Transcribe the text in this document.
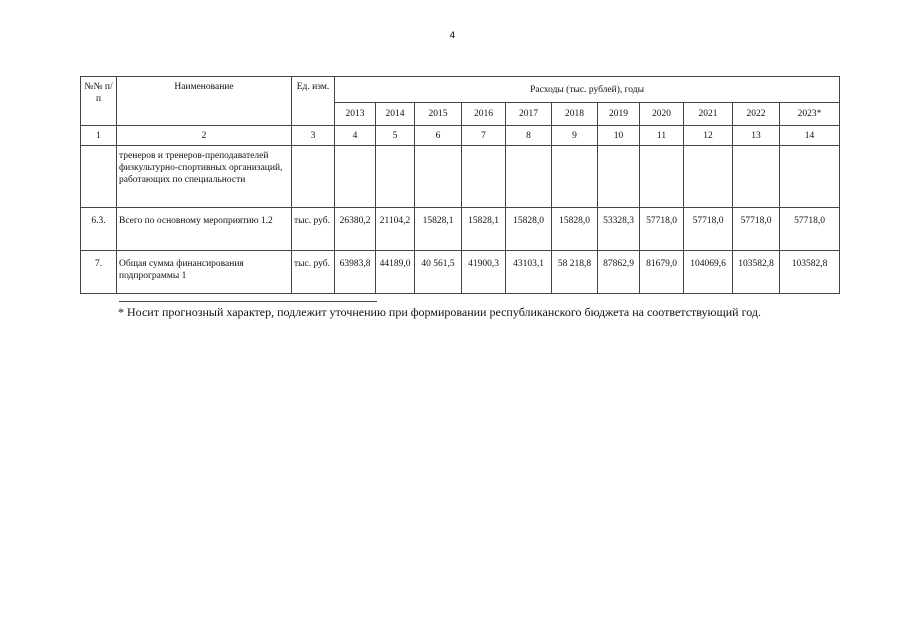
4
№№ п/п	Наименование	Ед. изм.	Расходы (тыс. рублей), годы										
			2013	2014	2015	2016	2017	2018	2019	2020	2021	2022	2023*
1	2	3	4	5	6	7	8	9	10	11	12	13	14
	тренеров и тренеров-преподавателей физкультурно-спортивных организаций, работающих по специальности												
6.3.	Всего по основному мероприятию 1.2	тыс. руб.	26380,2	21104,2	15828,1	15828,1	15828,0	15828,0	53328,3	57718,0	57718,0	57718,0	57718,0
7.	Общая сумма финансирования подпрограммы 1	тыс. руб.	63983,8	44189,0	40 561,5	41900,3	43103,1	58 218,8	87862,9	81679,0	104069,6	103582,8	103582,8
* Носит прогнозный характер, подлежит уточнению при формировании республиканского бюджета на соответствующий год.
